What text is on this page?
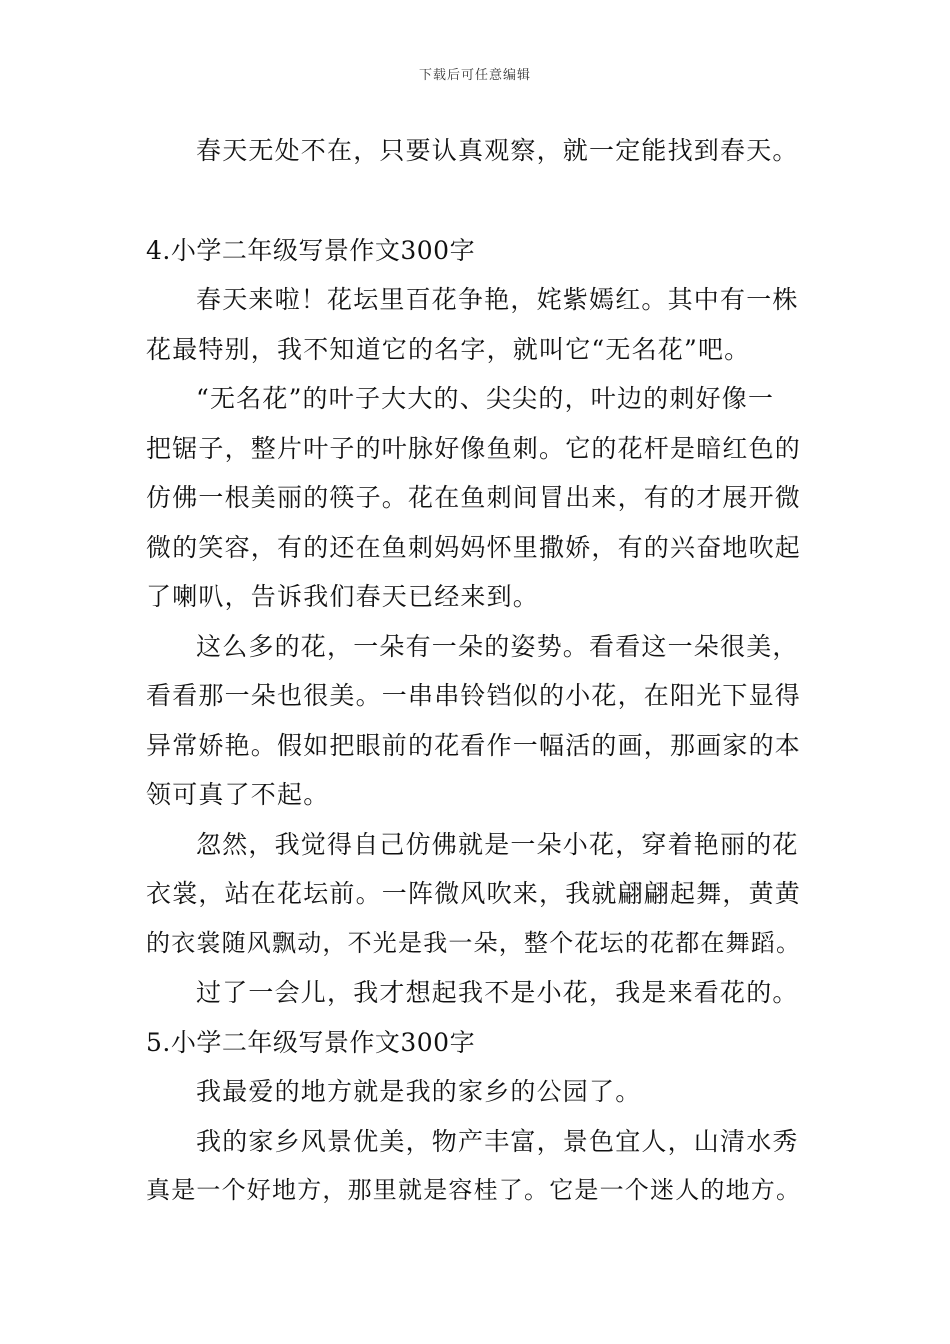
下载后可任意编辑
春天无处不在，只要认真观察，就一定能找到春天。
4.小学二年级写景作文300字
春天来啦！花坛里百花争艳，姹紫嫣红。其中有一株
花最特别，我不知道它的名字，就叫它“无名花”吧。
“无名花”的叶子大大的、尖尖的，叶边的刺好像一
把锯子，整片叶子的叶脉好像鱼刺。它的花杆是暗红色的
仿佛一根美丽的筷子。花在鱼刺间冒出来，有的才展开微
微的笑容，有的还在鱼刺妈妈怀里撒娇，有的兴奋地吹起
了喇叭，告诉我们春天已经来到。
这么多的花，一朵有一朵的姿势。看看这一朵很美，
看看那一朵也很美。一串串铃铛似的小花，在阳光下显得
异常娇艳。假如把眼前的花看作一幅活的画，那画家的本
领可真了不起。
忽然，我觉得自己仿佛就是一朵小花，穿着艳丽的花
衣裳，站在花坛前。一阵微风吹来，我就翩翩起舞，黄黄
的衣裳随风飘动，不光是我一朵，整个花坛的花都在舞蹈。
过了一会儿，我才想起我不是小花，我是来看花的。
5.小学二年级写景作文300字
我最爱的地方就是我的家乡的公园了。
我的家乡风景优美，物产丰富，景色宜人，山清水秀
真是一个好地方，那里就是容桂了。它是一个迷人的地方。
